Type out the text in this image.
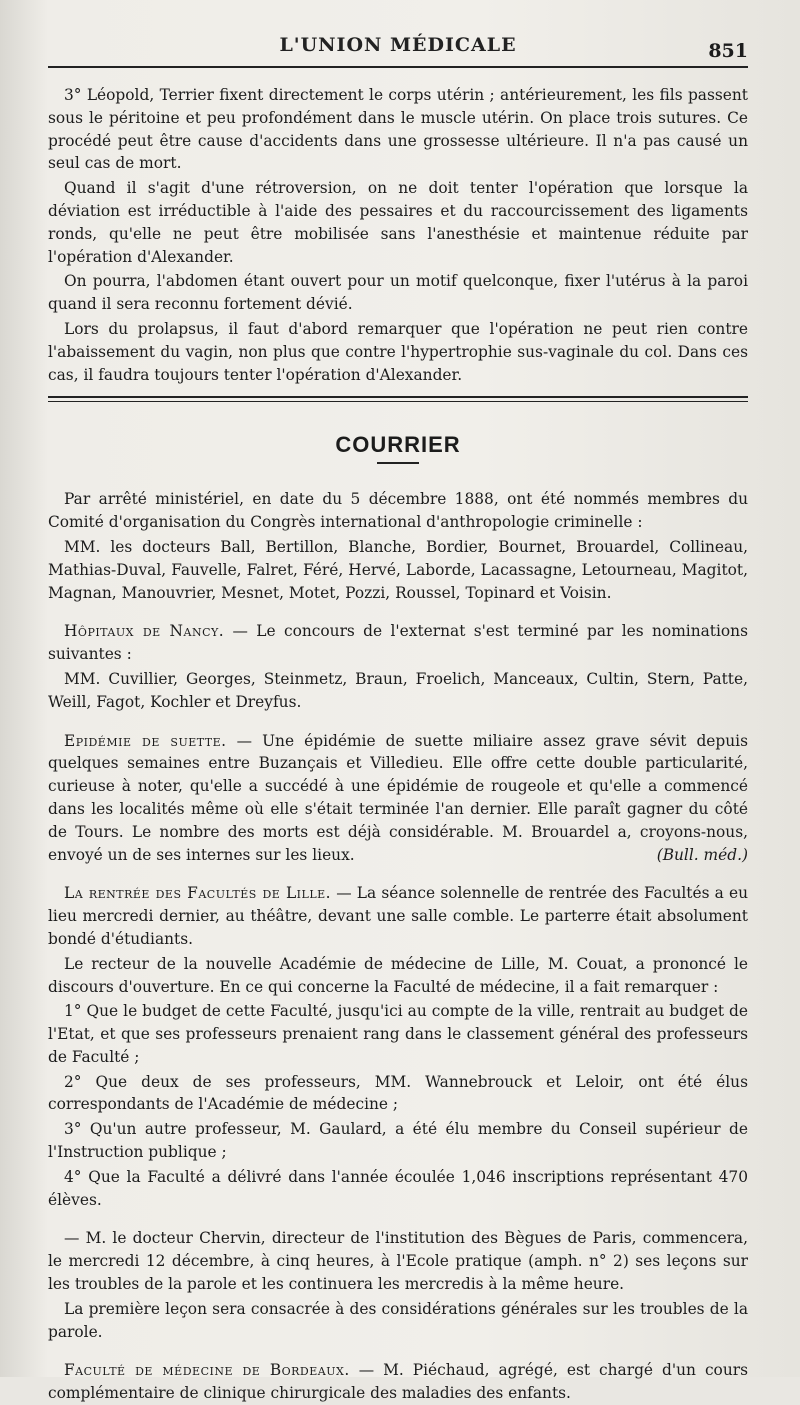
L'UNION MÉDICALE	851

3° Léopold, Terrier fixent directement le corps utérin ; antérieurement, les fils passent sous le péritoine et peu profondément dans le muscle utérin. On place trois sutures. Ce procédé peut être cause d'accidents dans une grossesse ultérieure. Il n'a pas causé un seul cas de mort.

Quand il s'agit d'une rétroversion, on ne doit tenter l'opération que lorsque la déviation est irréductible à l'aide des pessaires et du raccourcissement des ligaments ronds, qu'elle ne peut être mobilisée sans l'anesthésie et maintenue réduite par l'opération d'Alexander.

On pourra, l'abdomen étant ouvert pour un motif quelconque, fixer l'utérus à la paroi quand il sera reconnu fortement dévié.

Lors du prolapsus, il faut d'abord remarquer que l'opération ne peut rien contre l'abaissement du vagin, non plus que contre l'hypertrophie sus-vaginale du col. Dans ces cas, il faudra toujours tenter l'opération d'Alexander.

COURRIER

Par arrêté ministériel, en date du 5 décembre 1888, ont été nommés membres du Comité d'organisation du Congrès international d'anthropologie criminelle :

MM. les docteurs Ball, Bertillon, Blanche, Bordier, Bournet, Brouardel, Collineau, Mathias-Duval, Fauvelle, Falret, Féré, Hervé, Laborde, Lacassagne, Letourneau, Magitot, Magnan, Manouvrier, Mesnet, Motet, Pozzi, Roussel, Topinard et Voisin.

Hôpitaux de Nancy. — Le concours de l'externat s'est terminé par les nominations suivantes :

MM. Cuvillier, Georges, Steinmetz, Braun, Froelich, Manceaux, Cultin, Stern, Patte, Weill, Fagot, Kochler et Dreyfus.

Epidémie de suette. — Une épidémie de suette miliaire assez grave sévit depuis quelques semaines entre Buzançais et Villedieu. Elle offre cette double particularité, curieuse à noter, qu'elle a succédé à une épidémie de rougeole et qu'elle a commencé dans les localités même où elle s'était terminée l'an dernier. Elle paraît gagner du côté de Tours. Le nombre des morts est déjà considérable. M. Brouardel a, croyons-nous, envoyé un de ses internes sur les lieux.	(Bull. méd.)

La rentrée des Facultés de Lille. — La séance solennelle de rentrée des Facultés a eu lieu mercredi dernier, au théâtre, devant une salle comble. Le parterre était absolument bondé d'étudiants.

Le recteur de la nouvelle Académie de médecine de Lille, M. Couat, a prononcé le discours d'ouverture. En ce qui concerne la Faculté de médecine, il a fait remarquer :

1° Que le budget de cette Faculté, jusqu'ici au compte de la ville, rentrait au budget de l'Etat, et que ses professeurs prenaient rang dans le classement général des professeurs de Faculté ;

2° Que deux de ses professeurs, MM. Wannebrouck et Leloir, ont été élus correspondants de l'Académie de médecine ;

3° Qu'un autre professeur, M. Gaulard, a été élu membre du Conseil supérieur de l'Instruction publique ;

4° Que la Faculté a délivré dans l'année écoulée 1,046 inscriptions représentant 470 élèves.

— M. le docteur Chervin, directeur de l'institution des Bègues de Paris, commencera, le mercredi 12 décembre, à cinq heures, à l'Ecole pratique (amph. n° 2) ses leçons sur les troubles de la parole et les continuera les mercredis à la même heure.

La première leçon sera consacrée à des considérations générales sur les troubles de la parole.

Faculté de médecine de Bordeaux. — M. Piéchaud, agrégé, est chargé d'un cours complémentaire de clinique chirurgicale des maladies des enfants.
